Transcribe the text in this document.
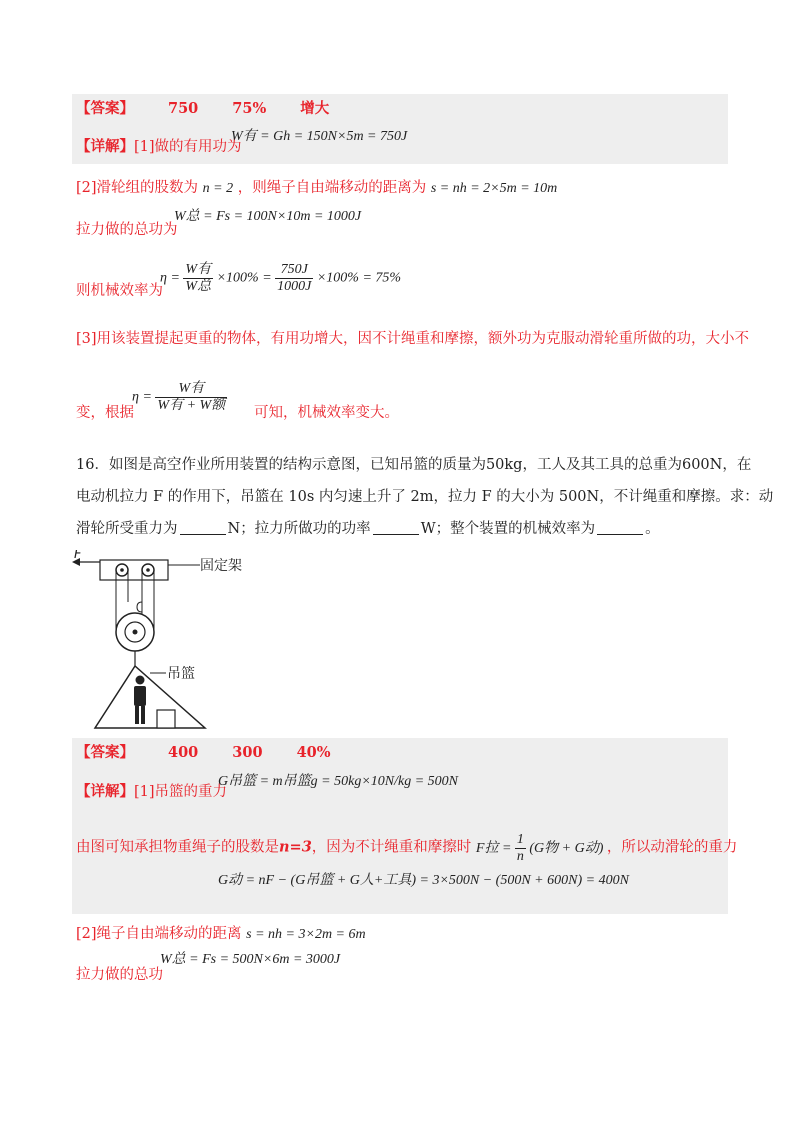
【答案】 750 75% 增大
【详解】[1]做的有用功为
W有 = Gh = 150N×5m = 750J
[2]滑轮组的股数为 n = 2 ，则绳子自由端移动的距离为 s = nh = 2×5m = 10m
W总 = Fs = 100N×10m = 1000J
拉力做的总功为
$\eta = \frac{\text{W有}}{\text{W总}} \times 100\% = \frac{750J}{1000J} \times 100\% = 75\%$
则机械效率为
[3]用该装置提起更重的物体，有用功增大，因不计绳重和摩擦，额外功为克服动滑轮重所做的功，大小不
$\eta = \frac{\text{W有}}{\text{W有 + W额}}$
变，根据	可知，机械效率变大。
16．如图是高空作业所用装置的结构示意图，已知吊篮的质量为50kg，工人及其工具的总重为600N，在
电动机拉力 F 的作用下，吊篮在 10s 内匀速上升了 2m，拉力 F 的大小为 500N，不计绳重和摩擦。求：动
滑轮所受重力为	N；拉力所做功的功率	W；整个装置的机械效率为	。
F
固定架
吊篮
【答案】 400 300 40%
【详解】[1]吊篮的重力
G吊篮 = m吊篮g = 50kg×10N/kg = 500N
由图可知承担物重绳子的股数是n=3，因为不计绳重和摩擦时 F拉 = $\frac{1}{n} (G$物 + G动) ，所以动滑轮的重力
G动 = nF − (G吊篮 + G人+工具) = 3×500N − (500N + 600N) = 400N
[2]绳子自由端移动的距离 s = nh = 3×2m = 6m
W总 = Fs = 500N×6m = 3000J
拉力做的总功
